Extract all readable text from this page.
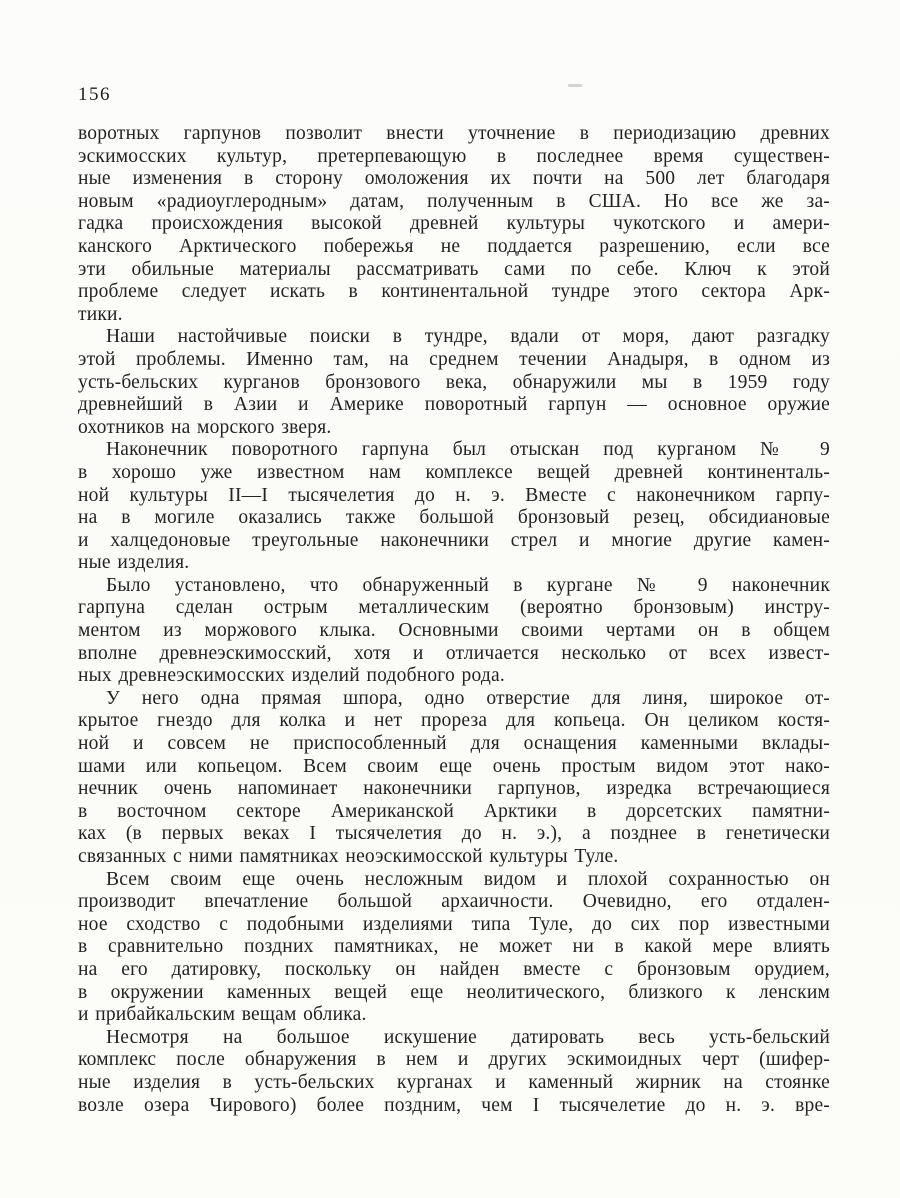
156
воротных гарпунов позволит внести уточнение в периодизацию древних
эскимосских культур, претерпевающую в последнее время существен-
ные изменения в сторону омоложения их почти на 500 лет благодаря
новым «радиоуглеродным» датам, полученным в США. Но все же за-
гадка происхождения высокой древней культуры чукотского и амери-
канского Арктического побережья не поддается разрешению, если все
эти обильные материалы рассматривать сами по себе. Ключ к этой
проблеме следует искать в континентальной тундре этого сектора Арк-
тики.
Наши настойчивые поиски в тундре, вдали от моря, дают разгадку
этой проблемы. Именно там, на среднем течении Анадыря, в одном из
усть-бельских курганов бронзового века, обнаружили мы в 1959 году
древнейший в Азии и Америке поворотный гарпун — основное оружие
охотников на морского зверя.
Наконечник поворотного гарпуна был отыскан под курганом № 9
в хорошо уже известном нам комплексе вещей древней континенталь-
ной культуры II—I тысячелетия до н. э. Вместе с наконечником гарпу-
на в могиле оказались также большой бронзовый резец, обсидиановые
и халцедоновые треугольные наконечники стрел и многие другие камен-
ные изделия.
Было установлено, что обнаруженный в кургане № 9 наконечник
гарпуна сделан острым металлическим (вероятно бронзовым) инстру-
ментом из моржового клыка. Основными своими чертами он в общем
вполне древнеэскимосский, хотя и отличается несколько от всех извест-
ных древнеэскимосских изделий подобного рода.
У него одна прямая шпора, одно отверстие для линя, широкое от-
крытое гнездо для колка и нет прореза для копьеца. Он целиком костя-
ной и совсем не приспособленный для оснащения каменными вклады-
шами или копьецом. Всем своим еще очень простым видом этот нако-
нечник очень напоминает наконечники гарпунов, изредка встречающиеся
в восточном секторе Американской Арктики в дорсетских памятни-
ках (в первых веках I тысячелетия до н. э.), а позднее в генетически
связанных с ними памятниках неоэскимосской культуры Туле.
Всем своим еще очень несложным видом и плохой сохранностью он
производит впечатление большой архаичности. Очевидно, его отдален-
ное сходство с подобными изделиями типа Туле, до сих пор известными
в сравнительно поздних памятниках, не может ни в какой мере влиять
на его датировку, поскольку он найден вместе с бронзовым орудием,
в окружении каменных вещей еще неолитического, близкого к ленским
и прибайкальским вещам облика.
Несмотря на большое искушение датировать весь усть-бельский
комплекс после обнаружения в нем и других эскимоидных черт (шифер-
ные изделия в усть-бельских курганах и каменный жирник на стоянке
возле озера Чирового) более поздним, чем I тысячелетие до н. э. вре-
